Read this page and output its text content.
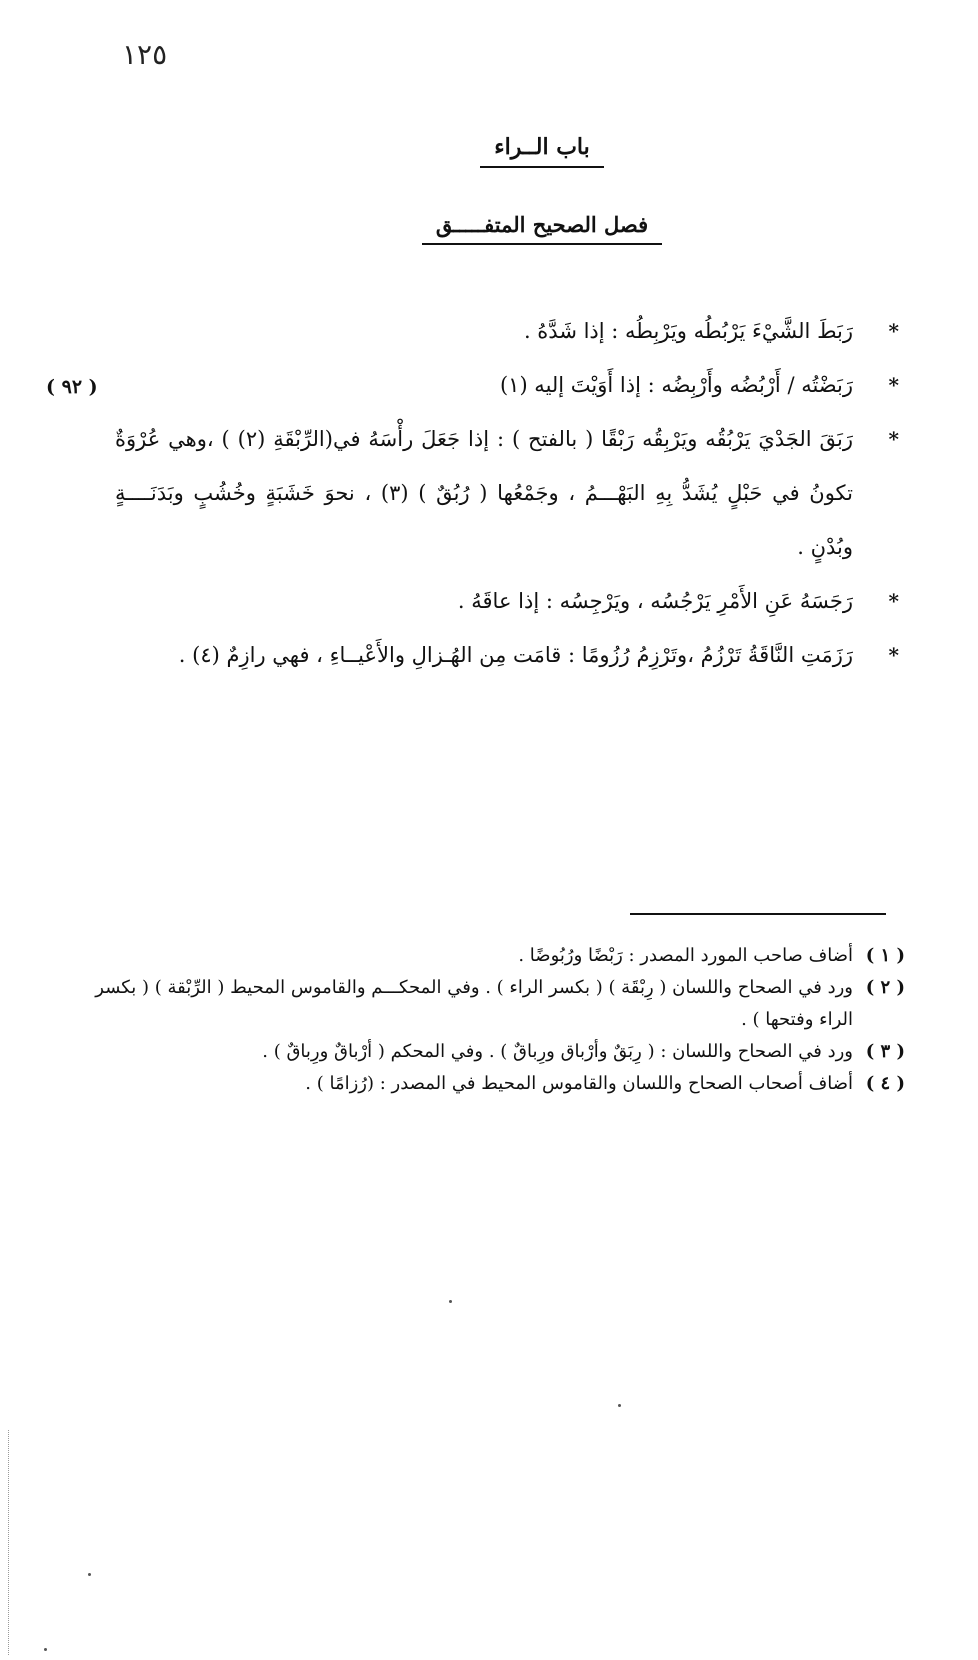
١٢٥
باب الــراء
فصل الصحيح المتفـــــق
( ٩٢ )
*
رَبَطَ الشَّيْءَ يَرْبُطُه ويَرْبِطُه : إذا شَدَّهُ .
*
رَبَضْتُه / أَرْبُضُه وأَرْبِضُه : إذا أَوَيْتَ إليه (١)
*
رَبَقَ الجَدْيَ يَرْبُقُه ويَرْبِقُه رَبْقًا ( بالفتح ) : إذا جَعَلَ رأْسَهُ في(الرِّبْقَةِ (٢) ) ،وهي عُرْوَةٌ تكونُ في حَبْلٍ يُشَدُّ بِهِ البَهْـــمُ ، وجَمْعُها ( رُبُقٌ ) (٣) ، نحوَ خَشَبَةٍ وخُشُبٍ وبَدَنَــــةٍ وبُدْنٍ .
*
رَجَسَهُ عَنِ الأَمْرِ يَرْجُسُه ، ويَرْجِسُه : إذا عاقَهُ .
*
رَزَمَتِ النَّاقَةُ تَرْزُمُ ،وتَرْزِمُ رُزُومًا : قامَت مِن الهُـزالِ والأَعْيــاءِ ، فهي رازِمٌ (٤) .
( ١ )
أضاف صاحب المورد المصدر : رَبْضًا ورُبُوضًا .
( ٢ )
ورد في الصحاح واللسان ( رِبْقَة ) ( بكسر الراء ) . وفي المحكـــم والقاموس المحيط ( الرِّبْقة ) ( بكسر الراء وفتحها ) .
( ٣ )
ورد في الصحاح واللسان : ( رِبَقٌ وأرْباق ورِباقٌ ) . وفي المحكم ( أرْباقٌ ورِباقٌ ) .
( ٤ )
أضاف أصحاب الصحاح واللسان والقاموس المحيط في المصدر : (رُزامًا ) .
